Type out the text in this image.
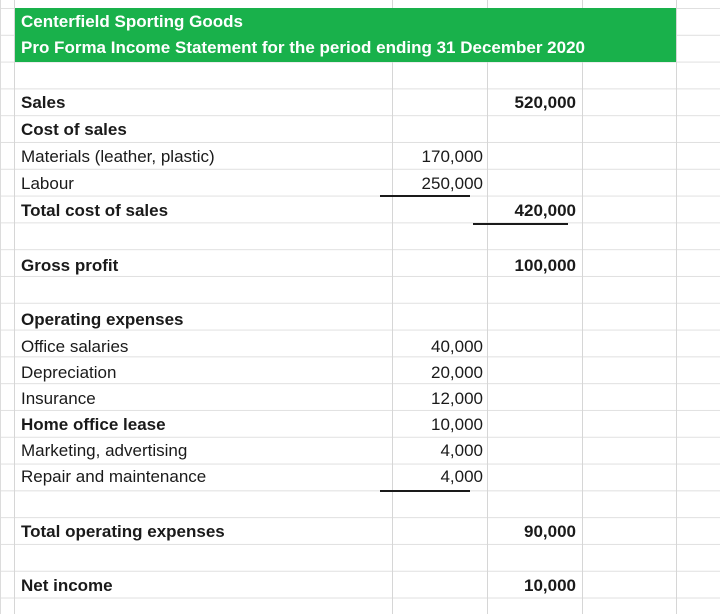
Centerfield Sporting Goods
Pro Forma Income Statement for the period ending 31 December 2020
Sales	520,000
Cost of sales
Materials (leather, plastic)	170,000
Labour	250,000
Total cost of sales	420,000
Gross profit	100,000
Operating expenses
Office salaries	40,000
Depreciation	20,000
Insurance	12,000
Home office lease	10,000
Marketing, advertising	4,000
Repair and maintenance	4,000
Total operating expenses	90,000
Net income	10,000
